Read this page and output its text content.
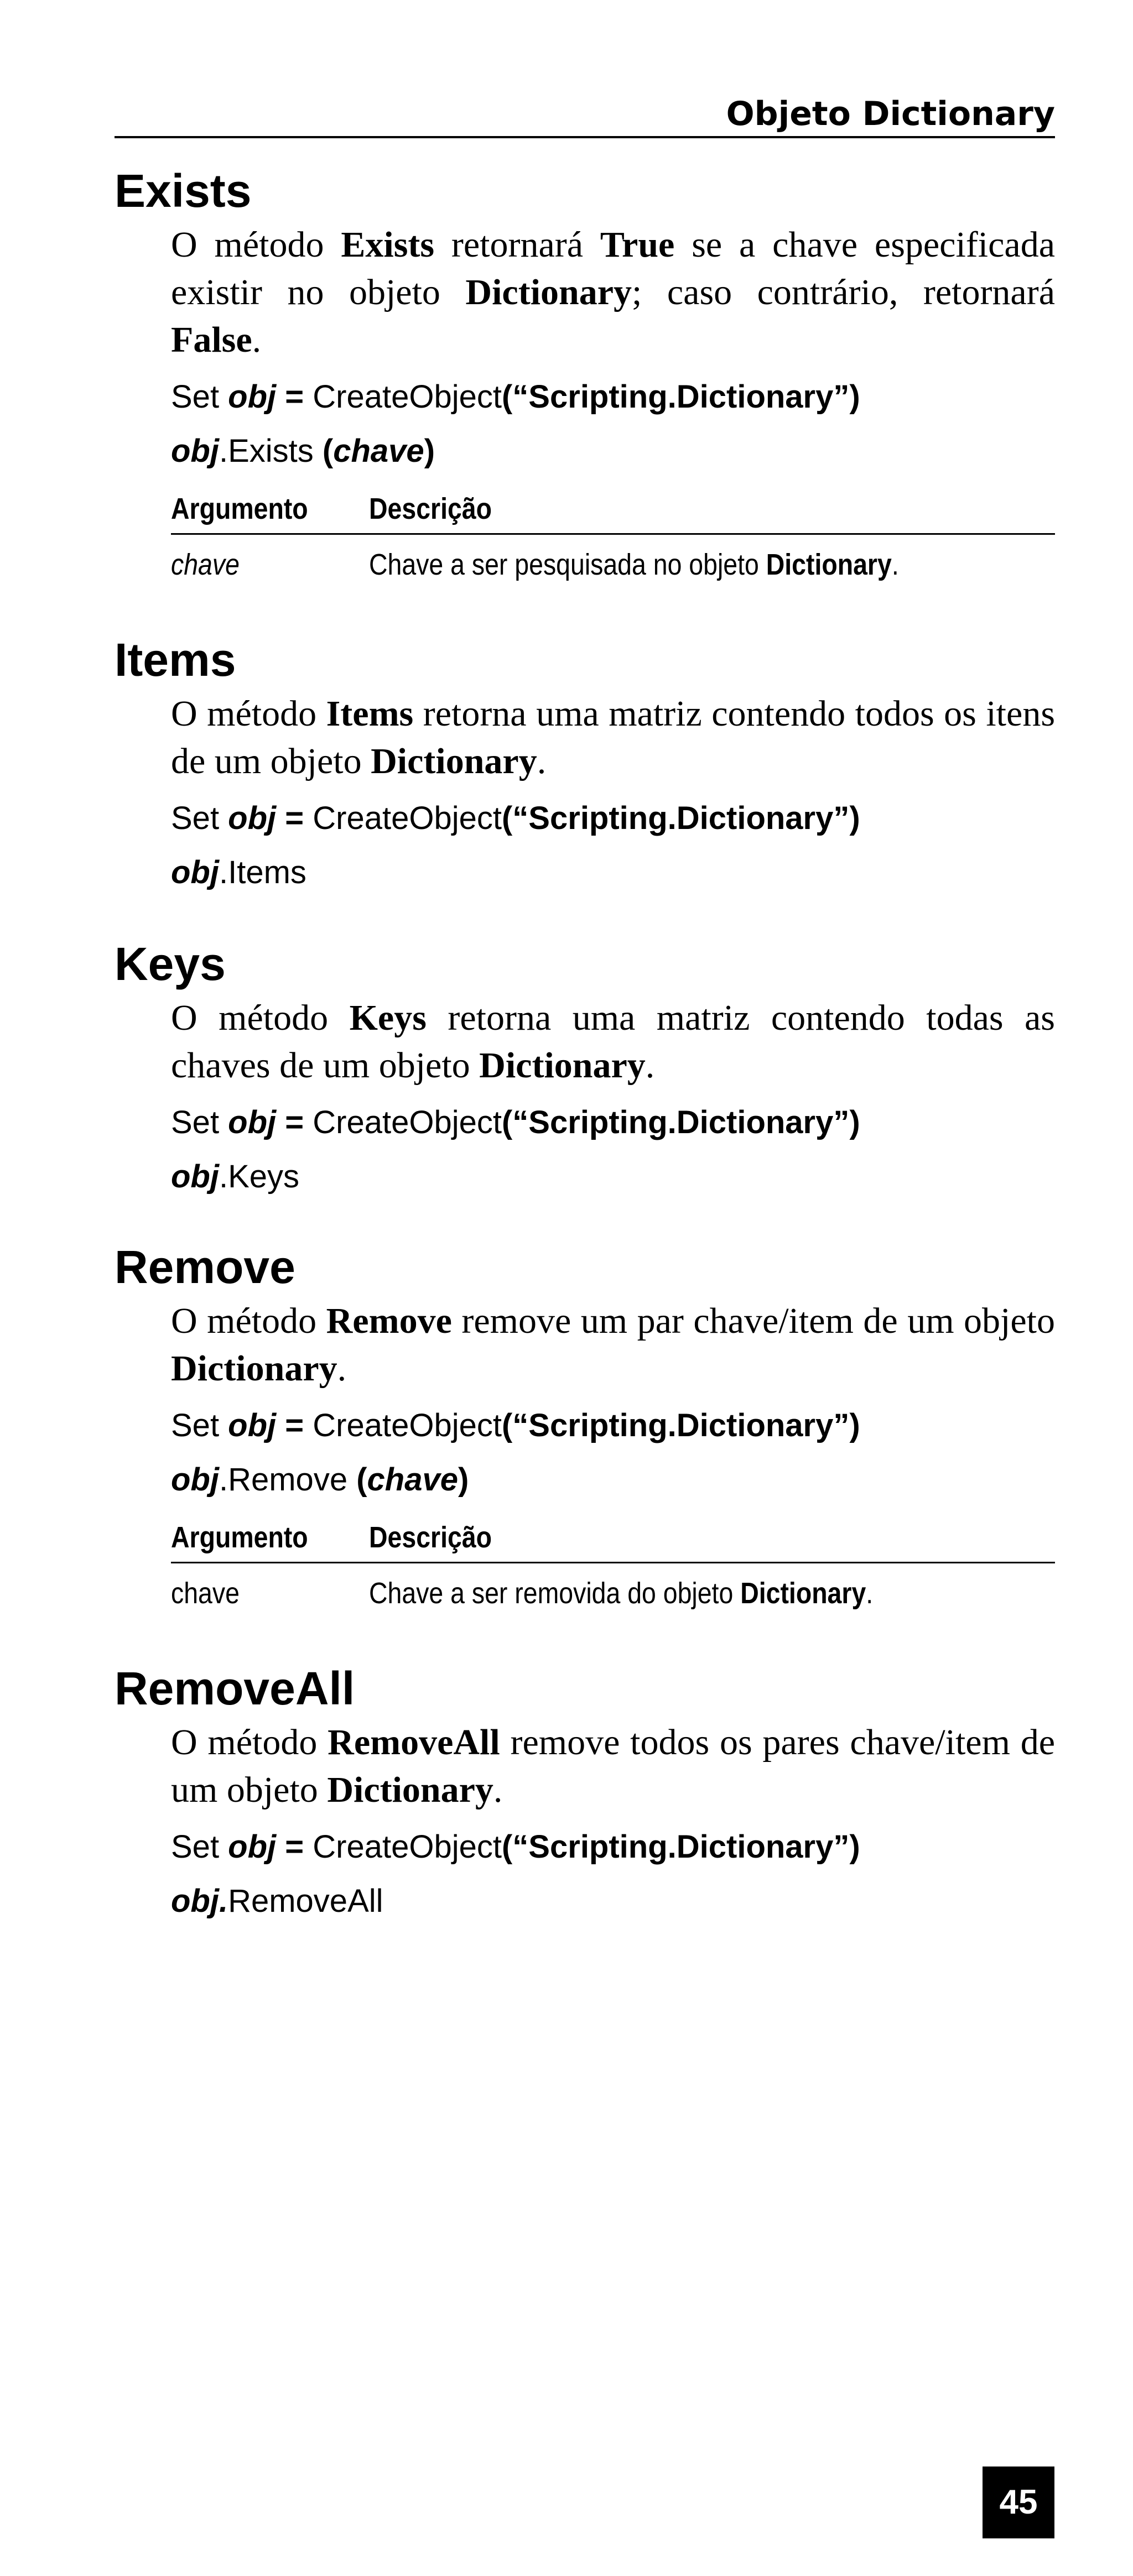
Objeto Dictionary
Exists

O método Exists retornará True se a chave especificada existir no objeto Dictionary; caso contrário, retornará False.

Set obj = CreateObject(“Scripting.Dictionary”)
obj.Exists (chave)
Argumento	Descrição
chave	Chave a ser pesquisada no objeto Dictionary.
Items

O método Items retorna uma matriz contendo todos os itens de um objeto Dictionary.

Set obj = CreateObject(“Scripting.Dictionary”)
obj.Items
Keys

O método Keys retorna uma matriz contendo todas as chaves de um objeto Dictionary.

Set obj = CreateObject(“Scripting.Dictionary”)
obj.Keys
Remove

O método Remove remove um par chave/item de um objeto Dictionary.

Set obj = CreateObject(“Scripting.Dictionary”)
obj.Remove (chave)
Argumento	Descrição
chave	Chave a ser removida do objeto Dictionary.
RemoveAll

O método RemoveAll remove todos os pares chave/item de um objeto Dictionary.

Set obj = CreateObject(“Scripting.Dictionary”)
obj.RemoveAll
45
